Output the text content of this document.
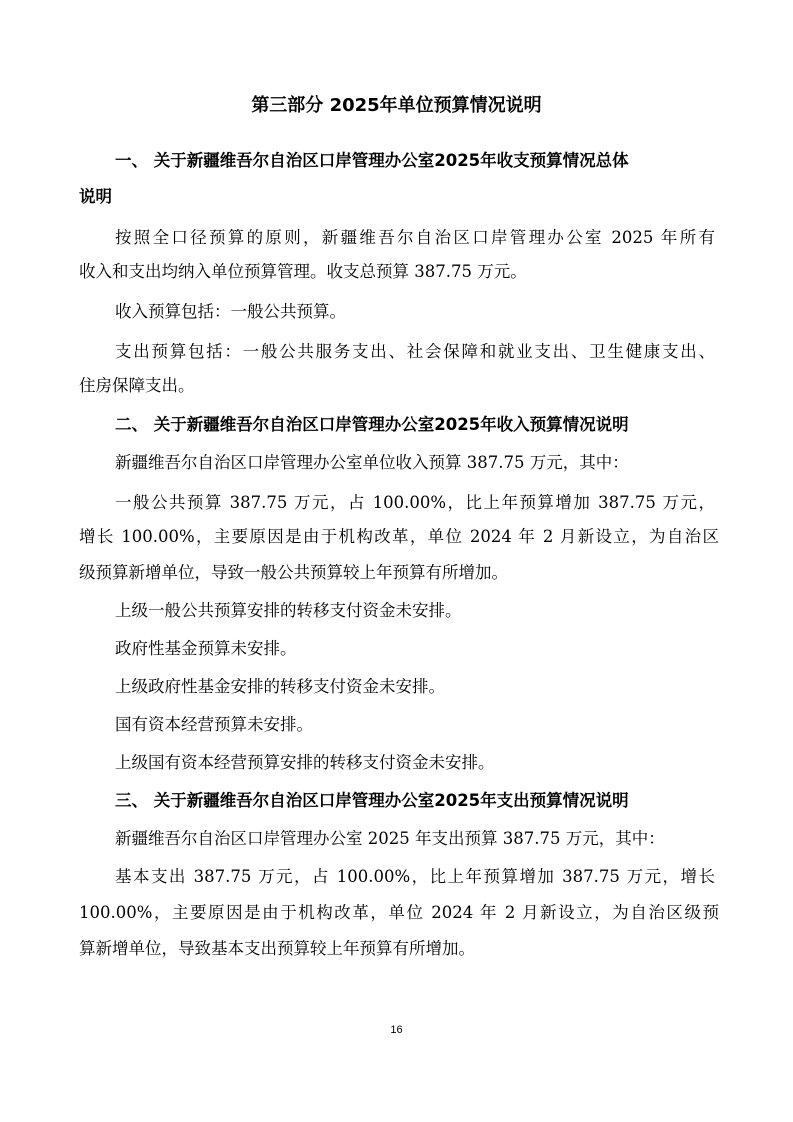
第三部分 2025年单位预算情况说明
一、 关于新疆维吾尔自治区口岸管理办公室2025年收支预算情况总体
说明
按照全口径预算的原则，新疆维吾尔自治区口岸管理办公室 2025 年所有
收入和支出均纳入单位预算管理。收支总预算 387.75 万元。
收入预算包括：一般公共预算。
支出预算包括：一般公共服务支出、社会保障和就业支出、卫生健康支出、
住房保障支出。
二、 关于新疆维吾尔自治区口岸管理办公室2025年收入预算情况说明
新疆维吾尔自治区口岸管理办公室单位收入预算 387.75 万元，其中：
一般公共预算 387.75 万元，占 100.00%，比上年预算增加 387.75 万元，
增长 100.00%，主要原因是由于机构改革，单位 2024 年 2 月新设立，为自治区
级预算新增单位，导致一般公共预算较上年预算有所增加。
上级一般公共预算安排的转移支付资金未安排。
政府性基金预算未安排。
上级政府性基金安排的转移支付资金未安排。
国有资本经营预算未安排。
上级国有资本经营预算安排的转移支付资金未安排。
三、 关于新疆维吾尔自治区口岸管理办公室2025年支出预算情况说明
新疆维吾尔自治区口岸管理办公室 2025 年支出预算 387.75 万元，其中：
基本支出 387.75 万元，占 100.00%，比上年预算增加 387.75 万元，增长
100.00%，主要原因是由于机构改革，单位 2024 年 2 月新设立，为自治区级预
算新增单位，导致基本支出预算较上年预算有所增加。
16
